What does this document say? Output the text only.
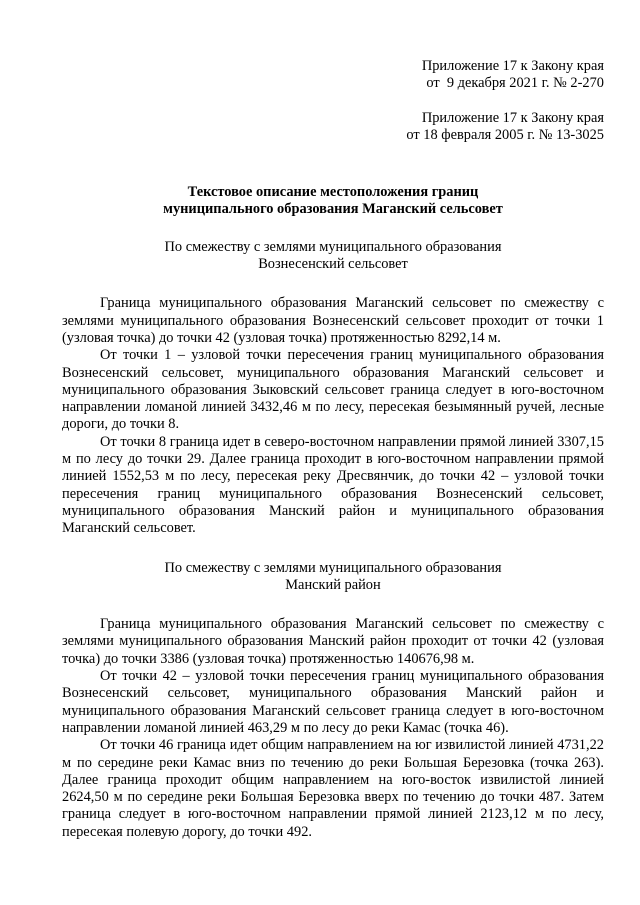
Приложение 17 к Закону края
от  9 декабря 2021 г. № 2-270
Приложение 17 к Закону края
от 18 февраля 2005 г. № 13-3025
Текстовое описание местоположения границ
муниципального образования Маганский сельсовет
По смежеству с землями муниципального образования
Вознесенский сельсовет

Граница муниципального образования Маганский сельсовет по смежеству с землями муниципального образования Вознесенский сельсовет проходит от точки 1 (узловая точка) до точки 42 (узловая точка) протяженностью 8292,14 м.

От точки 1 – узловой точки пересечения границ муниципального образования Вознесенский сельсовет, муниципального образования Маганский сельсовет и муниципального образования Зыковский сельсовет граница следует в юго-восточном направлении ломаной линией 3432,46 м по лесу, пересекая безымянный ручей, лесные дороги, до точки 8.

От точки 8 граница идет в северо-восточном направлении прямой линией 3307,15 м по лесу до точки 29. Далее граница проходит в юго-восточном направлении прямой линией 1552,53 м по лесу, пересекая реку Дресвянчик, до точки 42 – узловой точки пересечения границ муниципального образования Вознесенский сельсовет, муниципального образования Манский район и муниципального образования Маганский сельсовет.

По смежеству с землями муниципального образования
Манский район

Граница муниципального образования Маганский сельсовет по смежеству с землями муниципального образования Манский район проходит от точки 42 (узловая точка) до точки 3386 (узловая точка) протяженностью 140676,98 м.

От точки 42 – узловой точки пересечения границ муниципального образования Вознесенский сельсовет, муниципального образования Манский район и муниципального образования Маганский сельсовет граница следует в юго-восточном направлении ломаной линией 463,29 м по лесу до реки Камас (точка 46).

От точки 46 граница идет общим направлением на юг извилистой линией 4731,22 м по середине реки Камас вниз по течению до реки Большая Березовка (точка 263). Далее граница проходит общим направлением на юго-восток извилистой линией 2624,50 м по середине реки Большая Березовка вверх по течению до точки 487. Затем граница следует в юго-восточном направлении прямой линией 2123,12 м по лесу, пересекая полевую дорогу, до точки 492.
